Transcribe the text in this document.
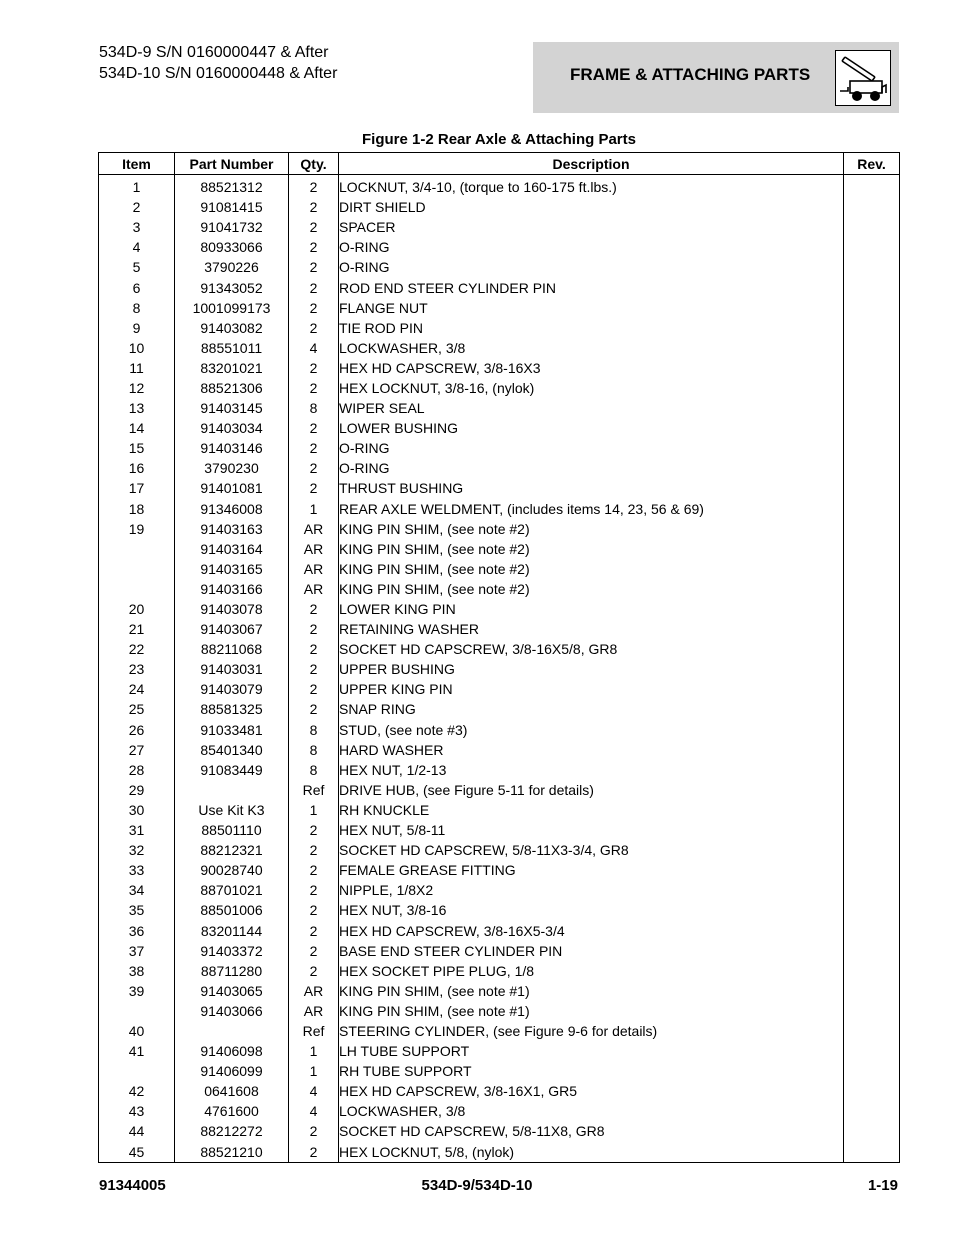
534D-9 S/N 0160000447 & After
534D-10 S/N 0160000448 & After	FRAME & ATTACHING PARTS
Figure 1-2 Rear Axle & Attaching Parts
Item	Part Number	Qty.	Description	Rev.
1	88521312	2	LOCKNUT, 3/4-10, (torque to 160-175 ft.lbs.)	
2	91081415	2	DIRT SHIELD	
3	91041732	2	SPACER	
4	80933066	2	O-RING	
5	3790226	2	O-RING	
6	91343052	2	ROD END STEER CYLINDER PIN	
8	1001099173	2	FLANGE NUT	
9	91403082	2	TIE ROD PIN	
10	88551011	4	LOCKWASHER, 3/8	
11	83201021	2	HEX HD CAPSCREW, 3/8-16X3	
12	88521306	2	HEX LOCKNUT, 3/8-16, (nylok)	
13	91403145	8	WIPER SEAL	
14	91403034	2	LOWER BUSHING	
15	91403146	2	O-RING	
16	3790230	2	O-RING	
17	91401081	2	THRUST BUSHING	
18	91346008	1	REAR AXLE WELDMENT, (includes items 14, 23, 56 & 69)	
19	91403163	AR	KING PIN SHIM, (see note #2)	
	91403164	AR	KING PIN SHIM, (see note #2)	
	91403165	AR	KING PIN SHIM, (see note #2)	
	91403166	AR	KING PIN SHIM, (see note #2)	
20	91403078	2	LOWER KING PIN	
21	91403067	2	RETAINING WASHER	
22	88211068	2	SOCKET HD CAPSCREW, 3/8-16X5/8, GR8	
23	91403031	2	UPPER BUSHING	
24	91403079	2	UPPER KING PIN	
25	88581325	2	SNAP RING	
26	91033481	8	STUD, (see note #3)	
27	85401340	8	HARD WASHER	
28	91083449	8	HEX NUT, 1/2-13	
29		Ref	DRIVE HUB, (see Figure 5-11 for details)	
30	Use Kit K3	1	RH KNUCKLE	
31	88501110	2	HEX NUT, 5/8-11	
32	88212321	2	SOCKET HD CAPSCREW, 5/8-11X3-3/4, GR8	
33	90028740	2	FEMALE GREASE FITTING	
34	88701021	2	NIPPLE, 1/8X2	
35	88501006	2	HEX NUT, 3/8-16	
36	83201144	2	HEX HD CAPSCREW, 3/8-16X5-3/4	
37	91403372	2	BASE END STEER CYLINDER PIN	
38	88711280	2	HEX SOCKET PIPE PLUG, 1/8	
39	91403065	AR	KING PIN SHIM, (see note #1)	
	91403066	AR	KING PIN SHIM, (see note #1)	
40		Ref	STEERING CYLINDER, (see Figure 9-6 for details)	
41	91406098	1	LH TUBE SUPPORT	
	91406099	1	RH TUBE SUPPORT	
42	0641608	4	HEX HD CAPSCREW, 3/8-16X1, GR5	
43	4761600	4	LOCKWASHER, 3/8	
44	88212272	2	SOCKET HD CAPSCREW, 5/8-11X8, GR8	
45	88521210	2	HEX LOCKNUT, 5/8, (nylok)	
91344005	534D-9/534D-10	1-19
